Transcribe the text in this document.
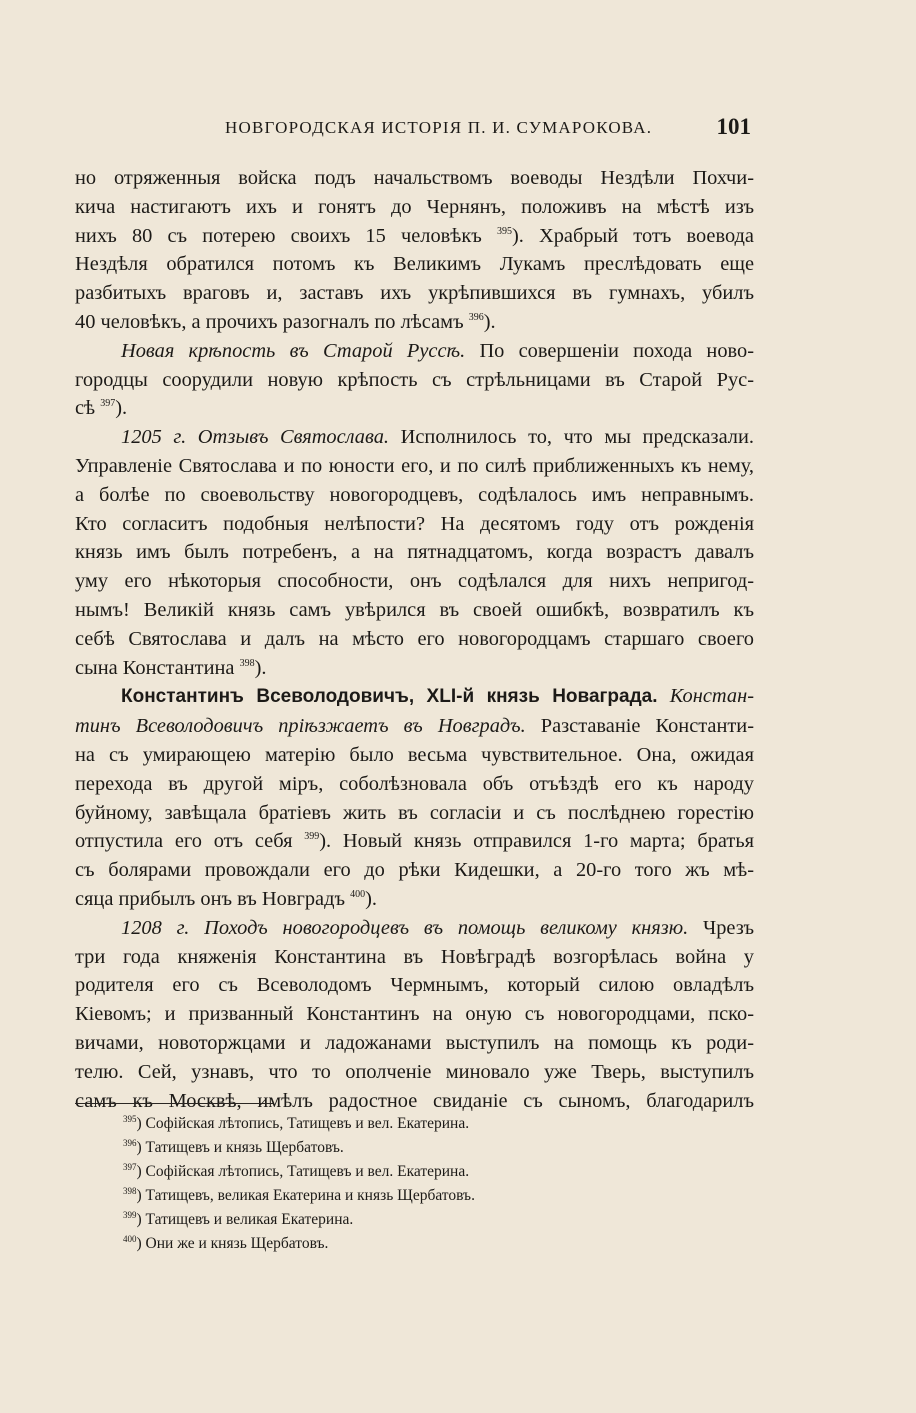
НОВГОРОДСКАЯ ИСТОРІЯ П. И. СУМАРОКОВА.	101
но отряженныя войска подъ начальствомъ воеводы Нездѣли Похчи-
кича настигаютъ ихъ и гонятъ до Чернянъ, положивъ на мѣстѣ изъ
нихъ 80 съ потерею своихъ 15 человѣкъ $^{395}$). Храбрый тотъ воевода
Нездѣля обратился потомъ къ Великимъ Лукамъ преслѣдовать еще
разбитыхъ враговъ и, заставъ ихъ укрѣпившихся въ гумнахъ, убилъ
40 человѣкъ, а прочихъ разогналъ по лѣсамъ $^{396}$).
Новая крѣпость въ Старой Руссѣ. По совершеніи похода ново-
городцы соорудили новую крѣпость съ стрѣльницами въ Старой Рус-
сѣ $^{397}$).
1205 г. Отзывъ Святослава. Исполнилось то, что мы предсказали.
Управленіе Святослава и по юности его, и по силѣ приближенныхъ къ нему,
а болѣе по своевольству новогородцевъ, содѣлалось имъ неправнымъ.
Кто согласитъ подобныя нелѣпости? На десятомъ году отъ рожденія
князь имъ былъ потребенъ, а на пятнадцатомъ, когда возрастъ давалъ
уму его нѣкоторыя способности, онъ содѣлался для нихъ непригод-
нымъ! Великій князь самъ увѣрился въ своей ошибкѣ, возвратилъ къ
себѣ Святослава и далъ на мѣсто его новогородцамъ старшаго своего
сына Константина $^{398}$).
Константинъ Всеволодовичъ, XLI-й князь Новаграда. Констан-
тинъ Всеволодовичъ пріѣзжаетъ въ Новградъ. Разставаніе Константи-
на съ умирающею матерію было весьма чувствительное. Она, ожидая
перехода въ другой міръ, соболѣзновала объ отъѣздѣ его къ народу
буйному, завѣщала братіевъ жить въ согласіи и съ послѣднею горестію
отпустила его отъ себя $^{399}$). Новый князь отправился 1-го марта; братья
съ болярами провождали его до рѣки Кидешки, а 20-го того жъ мѣ-
сяца прибылъ онъ въ Новградъ $^{400}$).
1208 г. Походъ новогородцевъ въ помощь великому князю. Чрезъ
три года княженія Константина въ Новѣградѣ возгорѣлась война у
родителя его съ Всеволодомъ Чермнымъ, который силою овладѣлъ
Кіевомъ; и призванный Константинъ на оную съ новогородцами, пско-
вичами, новоторжцами и ладожанами выступилъ на помощь къ роди-
телю. Сей, узнавъ, что то ополченіе миновало уже Тверь, выступилъ
самъ къ Москвѣ, имѣлъ радостное свиданіе съ сыномъ, благодарилъ
$^{395}$) Софійская лѣтопись, Татищевъ и вел. Екатерина.
$^{396}$) Татищевъ и князь Щербатовъ.
$^{397}$) Софійская лѣтопись, Татищевъ и вел. Екатерина.
$^{398}$) Татищевъ, великая Екатерина и князь Щербатовъ.
$^{399}$) Татищевъ и великая Екатерина.
$^{400}$) Они же и князь Щербатовъ.
